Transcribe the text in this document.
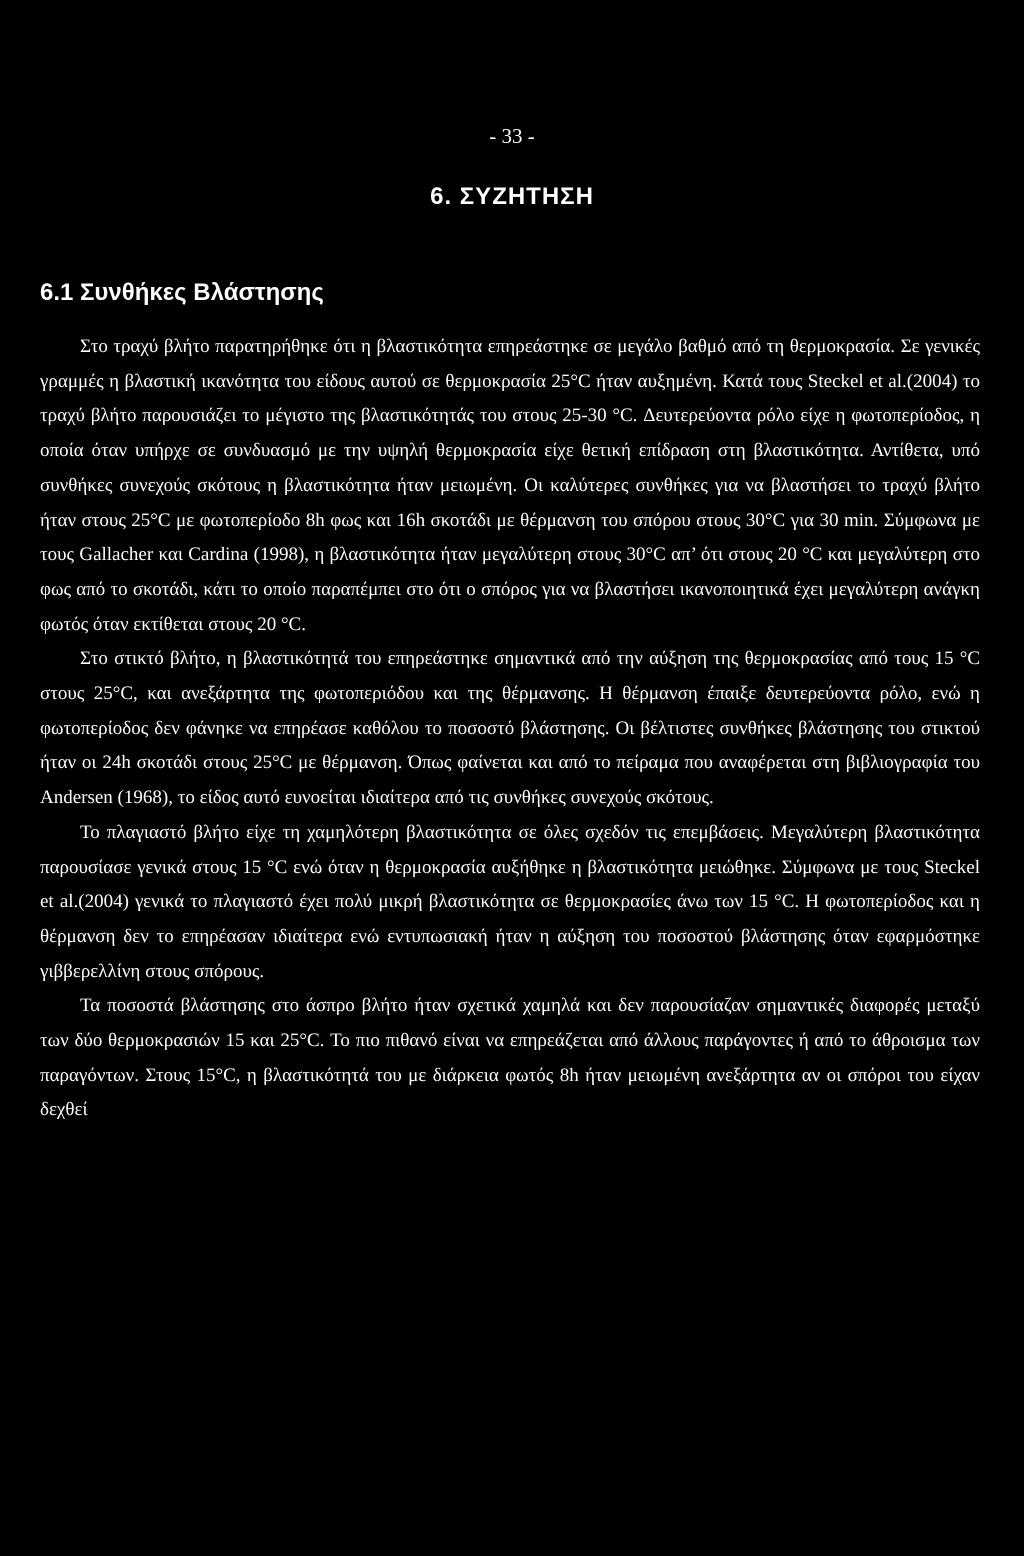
- 33 -

6. ΣΥΖΗΤΗΣΗ
6.1 Συνθήκες Βλάστησης

Στο τραχύ βλήτο παρατηρήθηκε ότι η βλαστικότητα επηρεάστηκε σε μεγάλο βαθμό από τη θερμοκρασία. Σε γενικές γραμμές η βλαστική ικανότητα του είδους αυτού σε θερμοκρασία 25°C ήταν αυξημένη. Κατά τους Steckel et al.(2004) το τραχύ βλήτο παρουσιάζει το μέγιστο της βλαστικότητάς του στους 25-30 °C. Δευτερεύοντα ρόλο είχε η φωτοπερίοδος, η οποία όταν υπήρχε σε συνδυασμό με την υψηλή θερμοκρασία είχε θετική επίδραση στη βλαστικότητα. Αντίθετα, υπό συνθήκες συνεχούς σκότους η βλαστικότητα ήταν μειωμένη. Οι καλύτερες συνθήκες για να βλαστήσει το τραχύ βλήτο ήταν στους 25°C με φωτοπερίοδο 8h φως και 16h σκοτάδι με θέρμανση του σπόρου στους 30°C για 30 min. Σύμφωνα με τους Gallacher και Cardina (1998), η βλαστικότητα ήταν μεγαλύτερη στους 30°C απ’ ότι στους 20 °C και μεγαλύτερη στο φως από το σκοτάδι, κάτι το οποίο παραπέμπει στο ότι ο σπόρος για να βλαστήσει ικανοποιητικά έχει μεγαλύτερη ανάγκη φωτός όταν εκτίθεται στους 20 °C.

Στο στικτό βλήτο, η βλαστικότητά του επηρεάστηκε σημαντικά από την αύξηση της θερμοκρασίας από τους 15 °C στους 25°C, και ανεξάρτητα της φωτοπεριόδου και της θέρμανσης. Η θέρμανση έπαιξε δευτερεύοντα ρόλο, ενώ η φωτοπερίοδος δεν φάνηκε να επηρέασε καθόλου το ποσοστό βλάστησης. Οι βέλτιστες συνθήκες βλάστησης του στικτού ήταν οι 24h σκοτάδι στους 25°C με θέρμανση. Όπως φαίνεται και από το πείραμα που αναφέρεται στη βιβλιογραφία του Andersen (1968), το είδος αυτό ευνοείται ιδιαίτερα από τις συνθήκες συνεχούς σκότους.

Το πλαγιαστό βλήτο είχε τη χαμηλότερη βλαστικότητα σε όλες σχεδόν τις επεμβάσεις. Μεγαλύτερη βλαστικότητα παρουσίασε γενικά στους 15 °C ενώ όταν η θερμοκρασία αυξήθηκε η βλαστικότητα μειώθηκε. Σύμφωνα με τους Steckel et al.(2004) γενικά το πλαγιαστό έχει πολύ μικρή βλαστικότητα σε θερμοκρασίες άνω των 15 °C. Η φωτοπερίοδος και η θέρμανση δεν το επηρέασαν ιδιαίτερα ενώ εντυπωσιακή ήταν η αύξηση του ποσοστού βλάστησης όταν εφαρμόστηκε γιββερελλίνη στους σπόρους.

Τα ποσοστά βλάστησης στο άσπρο βλήτο ήταν σχετικά χαμηλά και δεν παρουσίαζαν σημαντικές διαφορές μεταξύ των δύο θερμοκρασιών 15 και 25°C. Το πιο πιθανό είναι να επηρεάζεται από άλλους παράγοντες ή από το άθροισμα των παραγόντων. Στους 15°C, η βλαστικότητά του με διάρκεια φωτός 8h ήταν μειωμένη ανεξάρτητα αν οι σπόροι του είχαν δεχθεί
